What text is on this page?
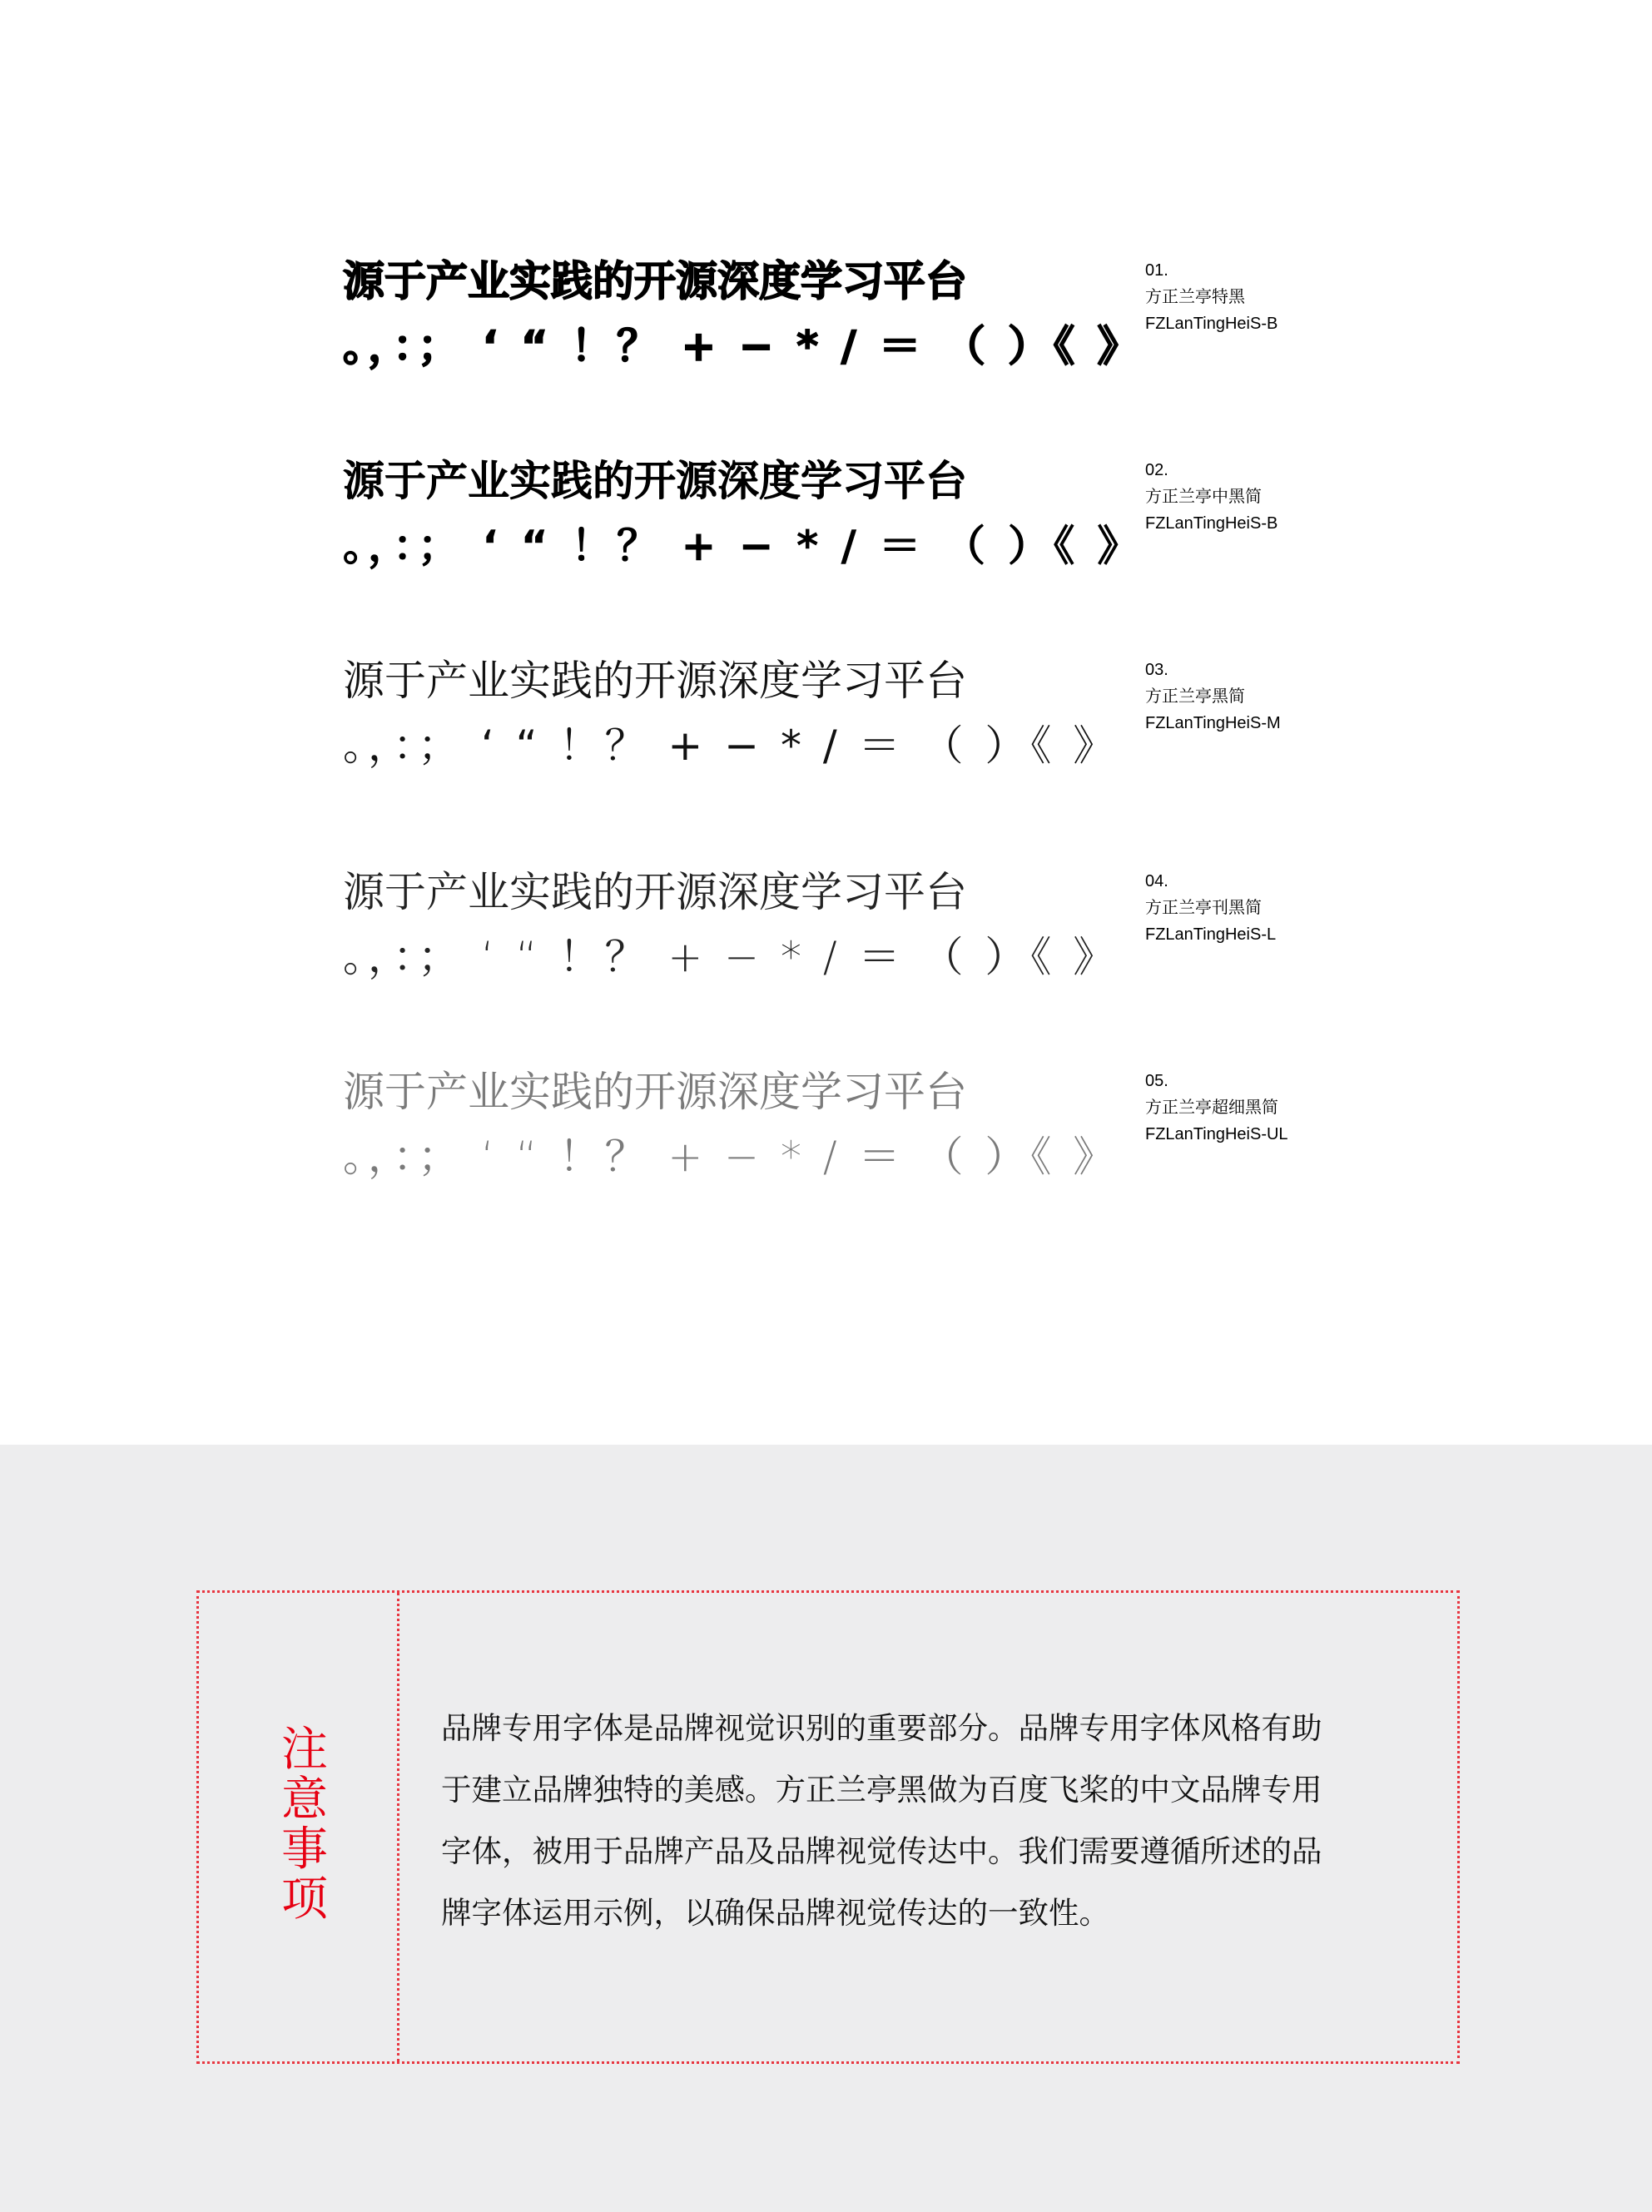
源于产业实践的开源深度学习平台
。，：； ‘ “ ！？ + − * / ＝ （ ）《 》
01.
方正兰亭特黑
FZLanTingHeiS-B
源于产业实践的开源深度学习平台
。，：； ‘ “ ！？ + − * / ＝ （ ）《 》
02.
方正兰亭中黑简
FZLanTingHeiS-B
源于产业实践的开源深度学习平台
。，：； ‘ “ ！？ + − * / ＝ （ ）《 》
03.
方正兰亭黑简
FZLanTingHeiS-M
源于产业实践的开源深度学习平台
。，：； ‘ “ ！？ + − * / ＝ （ ）《 》
04.
方正兰亭刊黑简
FZLanTingHeiS-L
源于产业实践的开源深度学习平台
。，：； ‘ “ ！？ + − * / ＝ （ ）《 》
05.
方正兰亭超细黑简
FZLanTingHeiS-UL
注
意
事
项
品牌专用字体是品牌视觉识别的重要部分。品牌专用字体风格有助
于建立品牌独特的美感。方正兰亭黑做为百度飞桨的中文品牌专用
字体，被用于品牌产品及品牌视觉传达中。我们需要遵循所述的品
牌字体运用示例，以确保品牌视觉传达的一致性。
